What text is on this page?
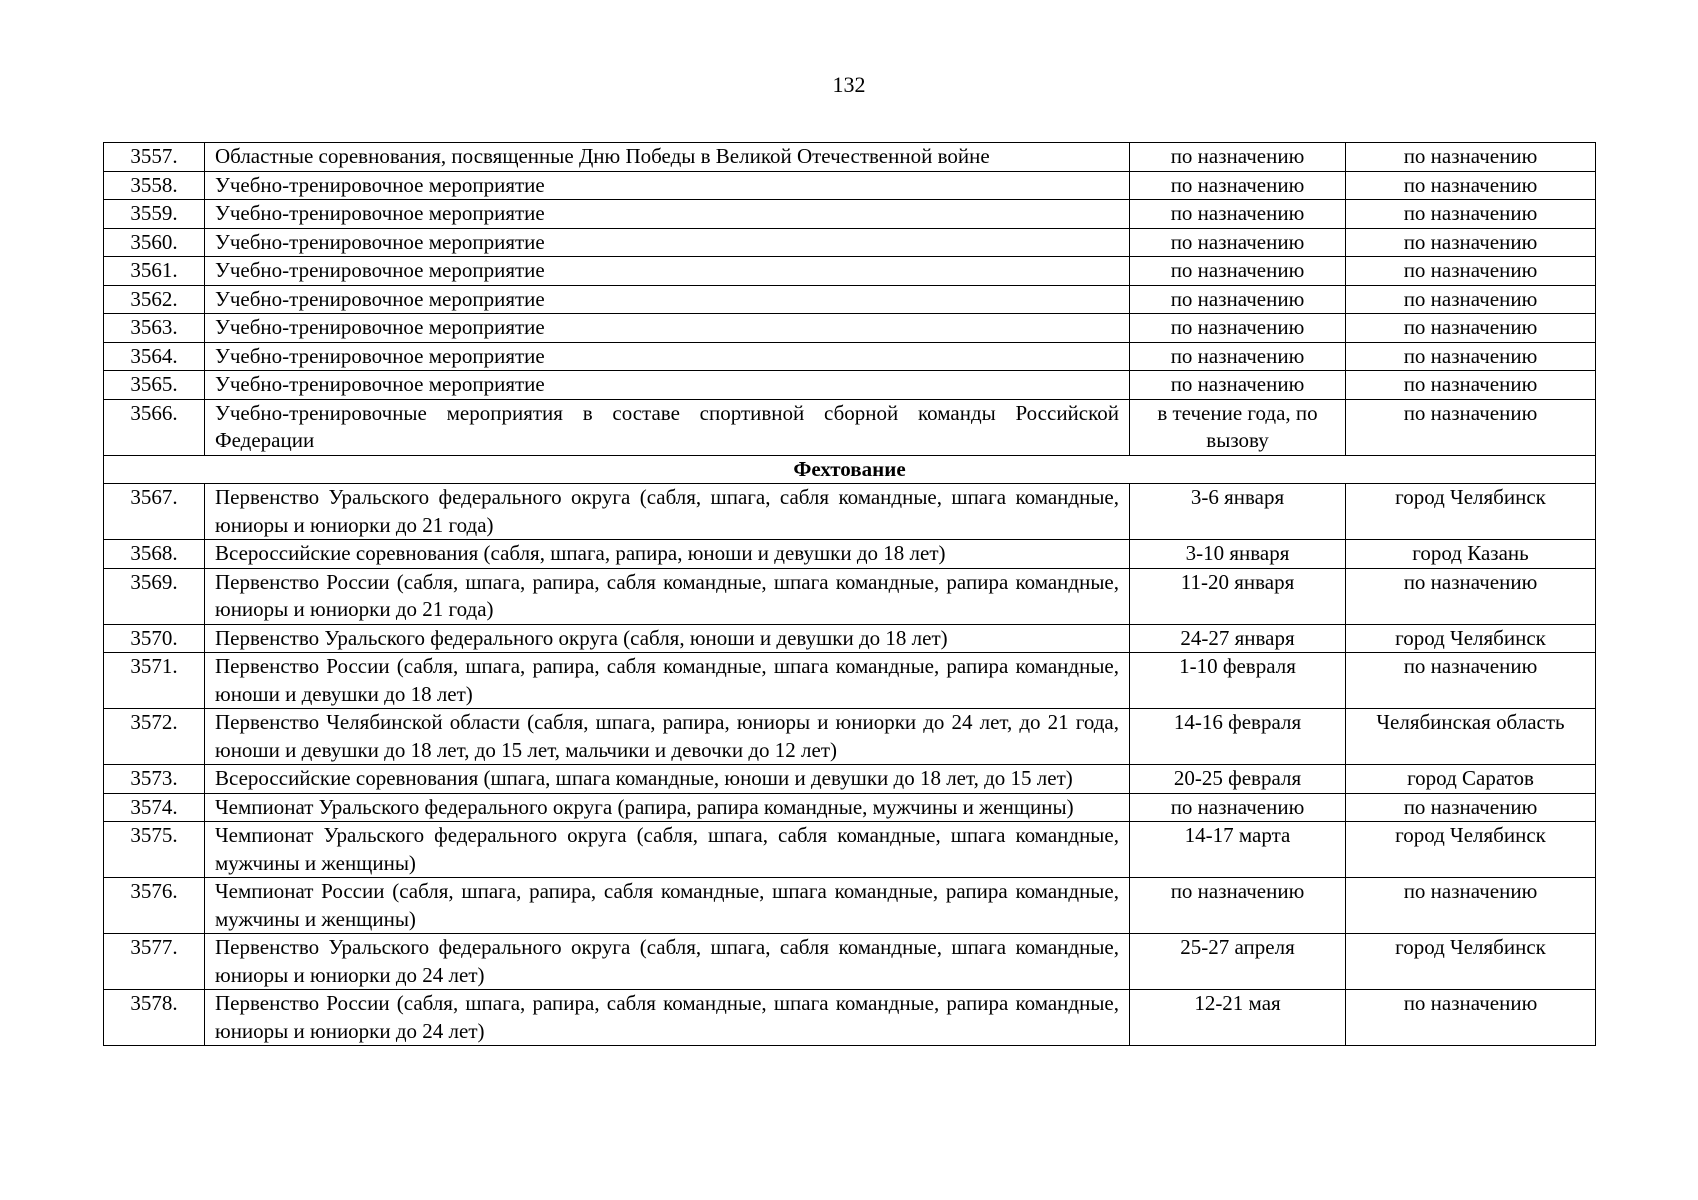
132
3557.	Областные соревнования, посвященные Дню Победы в Великой Отечественной войне	по назначению	по назначению
3558.	Учебно-тренировочное мероприятие	по назначению	по назначению
3559.	Учебно-тренировочное мероприятие	по назначению	по назначению
3560.	Учебно-тренировочное мероприятие	по назначению	по назначению
3561.	Учебно-тренировочное мероприятие	по назначению	по назначению
3562.	Учебно-тренировочное мероприятие	по назначению	по назначению
3563.	Учебно-тренировочное мероприятие	по назначению	по назначению
3564.	Учебно-тренировочное мероприятие	по назначению	по назначению
3565.	Учебно-тренировочное мероприятие	по назначению	по назначению
3566.	Учебно-тренировочные мероприятия в составе спортивной сборной команды Российской Федерации	в течение года, по вызову	по назначению
Фехтование			
3567.	Первенство Уральского федерального округа (сабля, шпага, сабля командные, шпага командные, юниоры и юниорки до 21 года)	3-6 января	город Челябинск
3568.	Всероссийские соревнования (сабля, шпага, рапира, юноши и девушки до 18 лет)	3-10 января	город Казань
3569.	Первенство России (сабля, шпага, рапира, сабля командные, шпага командные, рапира командные, юниоры и юниорки до 21 года)	11-20 января	по назначению
3570.	Первенство Уральского федерального округа (сабля, юноши и девушки до 18 лет)	24-27 января	город Челябинск
3571.	Первенство России (сабля, шпага, рапира, сабля командные, шпага командные, рапира командные, юноши и девушки до 18 лет)	1-10 февраля	по назначению
3572.	Первенство Челябинской области (сабля, шпага, рапира, юниоры и юниорки до 24 лет, до 21 года, юноши и девушки до 18 лет, до 15 лет, мальчики и девочки до 12 лет)	14-16 февраля	Челябинская область
3573.	Всероссийские соревнования (шпага, шпага командные, юноши и девушки до 18 лет, до 15 лет)	20-25 февраля	город Саратов
3574.	Чемпионат Уральского федерального округа (рапира, рапира командные, мужчины и женщины)	по назначению	по назначению
3575.	Чемпионат Уральского федерального округа (сабля, шпага, сабля командные, шпага командные, мужчины и женщины)	14-17 марта	город Челябинск
3576.	Чемпионат России (сабля, шпага, рапира, сабля командные, шпага командные, рапира командные, мужчины и женщины)	по назначению	по назначению
3577.	Первенство Уральского федерального округа (сабля, шпага, сабля командные, шпага командные, юниоры и юниорки до 24 лет)	25-27 апреля	город Челябинск
3578.	Первенство России (сабля, шпага, рапира, сабля командные, шпага командные, рапира командные, юниоры и юниорки до 24 лет)	12-21 мая	по назначению
